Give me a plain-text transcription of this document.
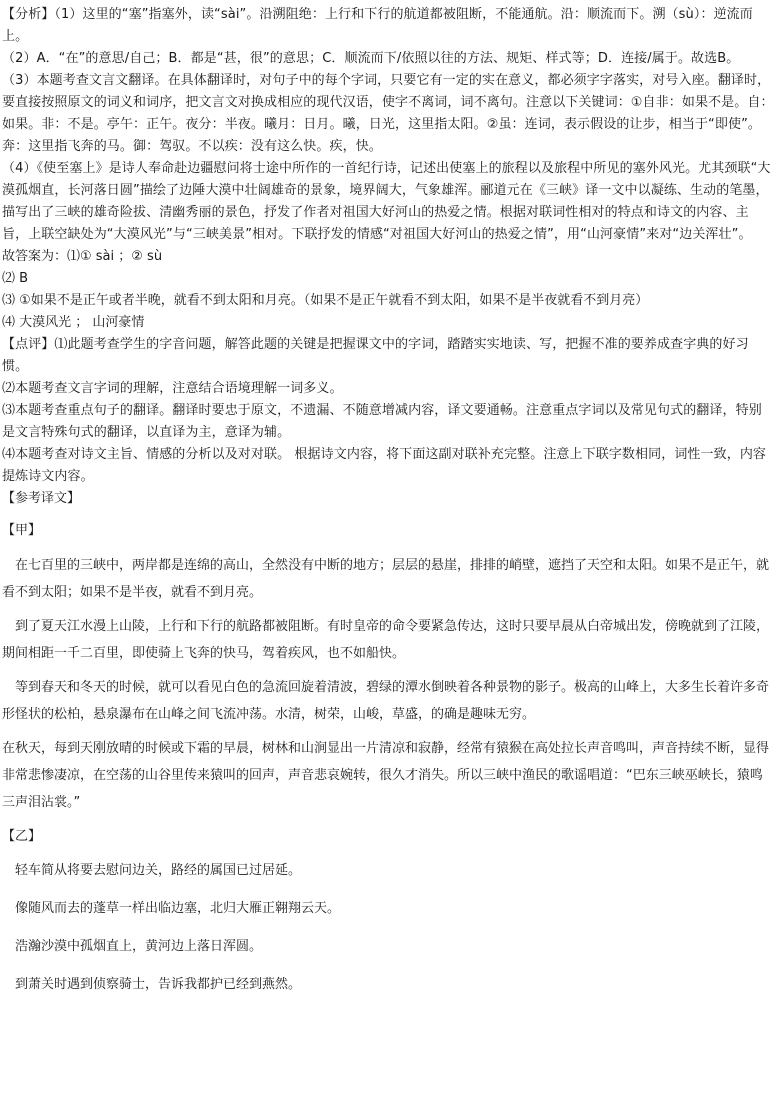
【分析】（1）这里的“塞”指塞外，读“sài”。沿溯阻绝：上行和下行的航道都被阻断，不能通航。沿：顺流而下。溯（sù）：逆流而上。

（2）A．“在”的意思/自己；B．都是“甚，很”的意思；C．顺流而下/依照以往的方法、规矩、样式等；D．连接/属于。故选B。

（3）本题考查文言文翻译。在具体翻译时，对句子中的每个字词，只要它有一定的实在意义，都必须字字落实，对号入座。翻译时，要直接按照原文的词义和词序，把文言文对换成相应的现代汉语，使字不离词，词不离句。注意以下关键词：①自非：如果不是。自：如果。非：不是。亭午：正午。夜分：半夜。曦月：日月。曦，日光，这里指太阳。②虽：连词，表示假设的让步，相当于“即使”。奔：这里指飞奔的马。御：驾驭。不以疾：没有这么快。疾，快。

（4）《使至塞上》是诗人奉命赴边疆慰问将士途中所作的一首纪行诗，记述出使塞上的旅程以及旅程中所见的塞外风光。尤其颈联“大漠孤烟直，长河落日圆”描绘了边陲大漠中壮阔雄奇的景象，境界阔大，气象雄浑。郦道元在《三峡》译一文中以凝练、生动的笔墨，描写出了三峡的雄奇险拔、清幽秀丽的景色，抒发了作者对祖国大好河山的热爱之情。根据对联词性相对的特点和诗文的内容、主旨，上联空缺处为“大漠风光”与“三峡美景”相对。下联抒发的情感“对祖国大好河山的热爱之情”，用“山河豪情”来对“边关浑壮”。

故答案为：⑴① sài ；② sù

⑵ B

⑶ ①如果不是正午或者半晚，就看不到太阳和月亮。（如果不是正午就看不到太阳，如果不是半夜就看不到月亮）

⑷ 大漠风光 ； 山河豪情

【点评】⑴此题考查学生的字音问题，解答此题的关键是把握课文中的字词，踏踏实实地读、写，把握不准的要养成查字典的好习惯。

⑵本题考查文言字词的理解，注意结合语境理解一词多义。

⑶本题考查重点句子的翻译。翻译时要忠于原文，不遗漏、不随意增减内容，译文要通畅。注意重点字词以及常见句式的翻译，特别是文言特殊句式的翻译，以直译为主，意译为辅。

⑷本题考查对诗文主旨、情感的分析以及对对联。 根据诗文内容，将下面这副对联补充完整。注意上下联字数相同，词性一致，内容提炼诗文内容。

【参考译文】

【甲】

在七百里的三峡中，两岸都是连绵的高山，全然没有中断的地方；层层的悬崖，排排的峭壁，遮挡了天空和太阳。如果不是正午，就看不到太阳；如果不是半夜，就看不到月亮。

到了夏天江水漫上山陵，上行和下行的航路都被阻断。有时皇帝的命令要紧急传达，这时只要早晨从白帝城出发，傍晚就到了江陵，期间相距一千二百里，即使骑上飞奔的快马，驾着疾风，也不如船快。

等到春天和冬天的时候，就可以看见白色的急流回旋着清波，碧绿的潭水倒映着各种景物的影子。极高的山峰上，大多生长着许多奇形怪状的松柏，悬泉瀑布在山峰之间飞流冲荡。水清，树荣，山峻，草盛，的确是趣味无穷。

在秋天，每到天刚放晴的时候或下霜的早晨，树林和山涧显出一片清凉和寂静，经常有猿猴在高处拉长声音鸣叫，声音持续不断，显得非常悲惨凄凉，在空荡的山谷里传来猿叫的回声，声音悲哀婉转，很久才消失。所以三峡中渔民的歌谣唱道：“巴东三峡巫峡长，猿鸣三声泪沾裳。”

【乙】

轻车简从将要去慰问边关，路经的属国已过居延。

像随风而去的蓬草一样出临边塞，北归大雁正翱翔云天。

浩瀚沙漠中孤烟直上，黄河边上落日浑圆。

到萧关时遇到侦察骑士，告诉我都护已经到燕然。
